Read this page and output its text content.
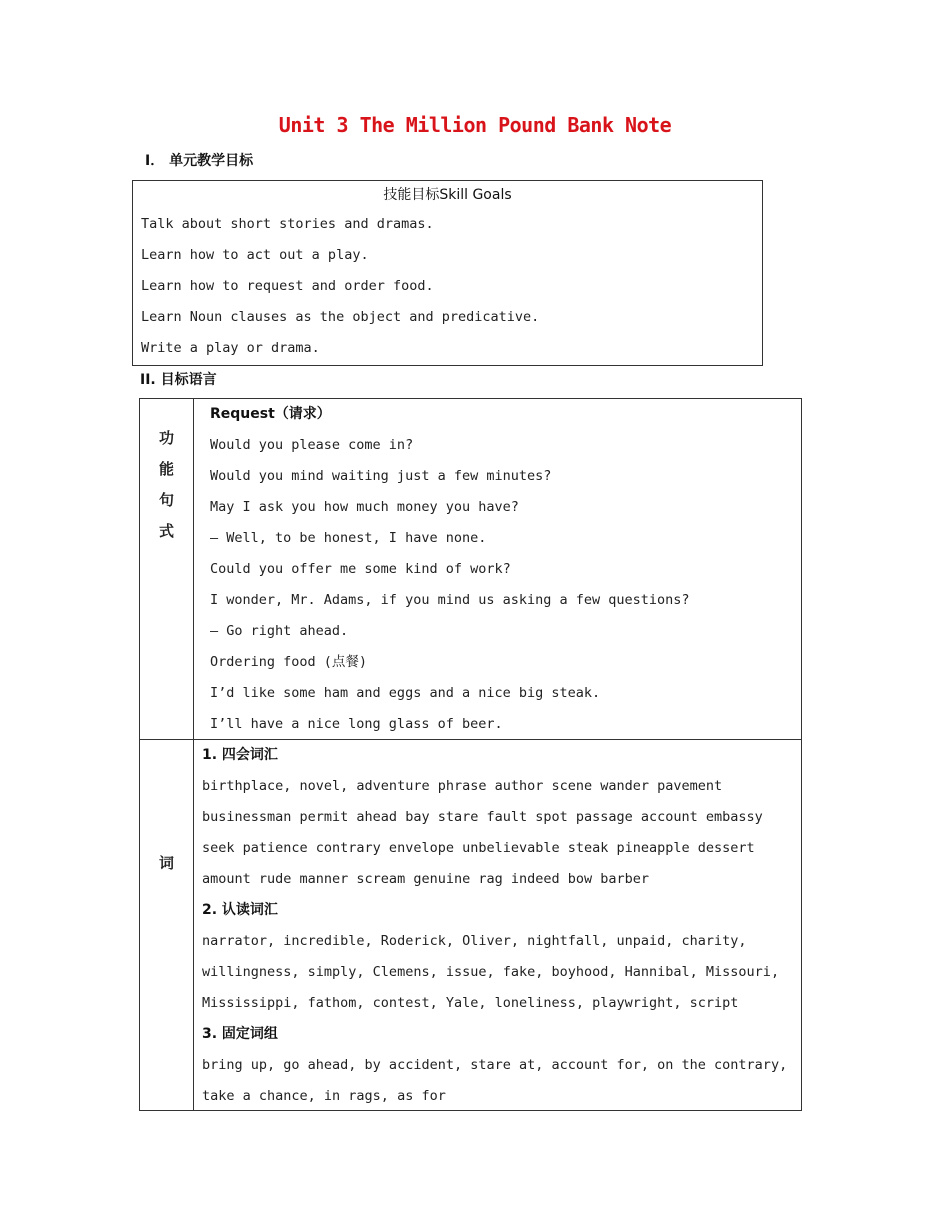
Unit 3 The Million Pound Bank Note
I． 单元教学目标
技能目标Skill Goals
Talk about short stories and dramas.
Learn how to act out a play.
Learn how to request and order food.
Learn Noun clauses as the object and predicative.
Write a play or drama.
II. 目标语言
功
能
句
式
Request（请求）
Would you please come in?
Would you mind waiting just a few minutes?
May I ask you how much money you have?
— Well, to be honest, I have none.
Could you offer me some kind of work?
I wonder, Mr. Adams, if you mind us asking a few questions?
— Go right ahead.
Ordering food (点餐)
I’d like some ham and eggs and a nice big steak.
I’ll have a nice long glass of beer.
词
1. 四会词汇
birthplace, novel, adventure phrase author scene wander pavement
businessman permit ahead bay stare fault spot passage account embassy
seek patience contrary envelope unbelievable steak pineapple dessert
amount rude manner scream genuine rag indeed bow barber
2. 认读词汇
narrator, incredible, Roderick, Oliver, nightfall, unpaid, charity,
willingness, simply, Clemens, issue, fake, boyhood, Hannibal, Missouri,
Mississippi, fathom, contest, Yale, loneliness, playwright, script
3. 固定词组
bring up, go ahead, by accident, stare at, account for, on the contrary,
take a chance, in rags, as for
